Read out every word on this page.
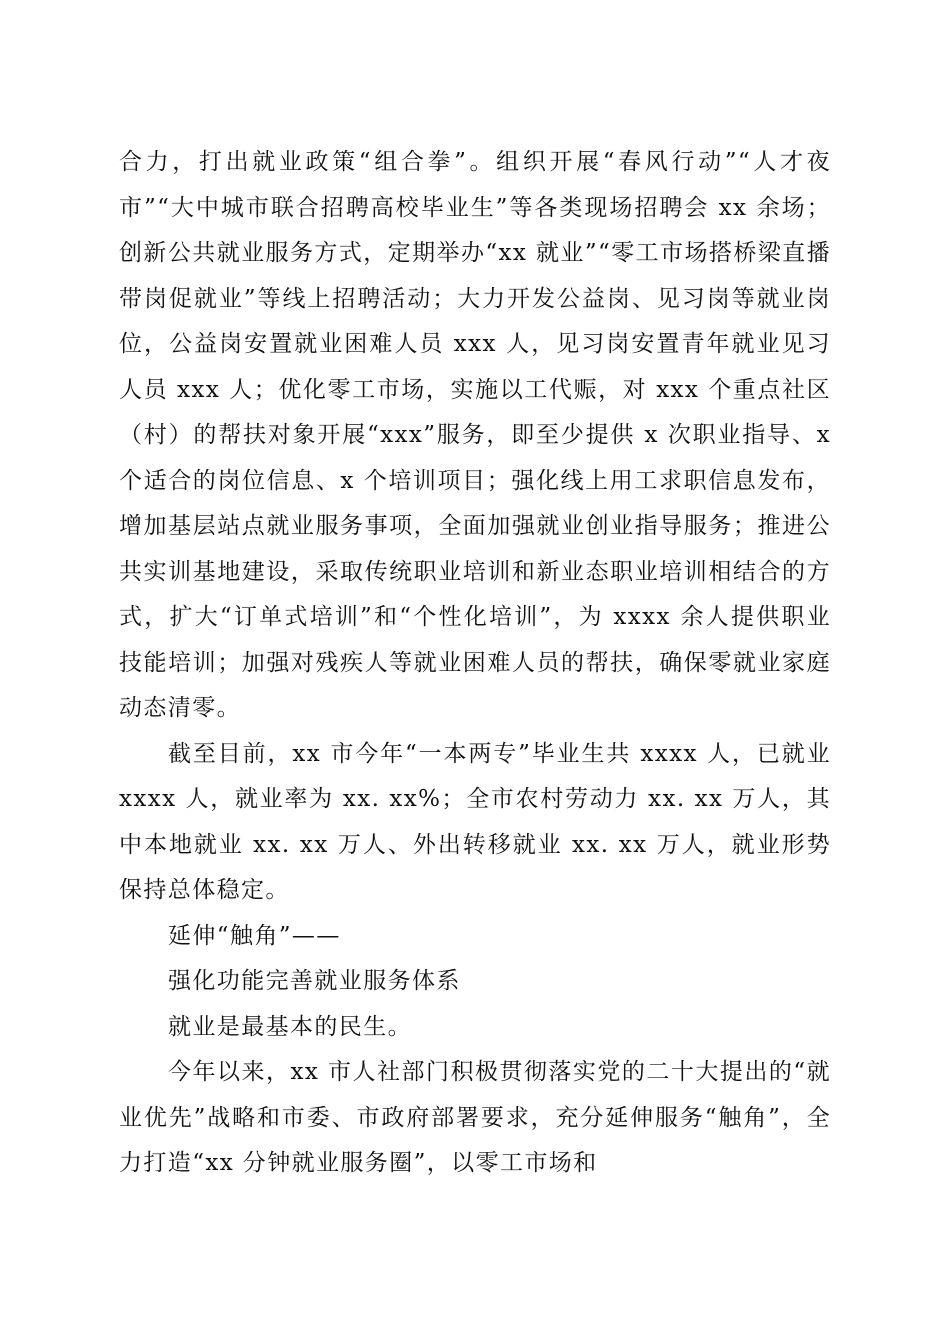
合力，打出就业政策“组合拳”。组织开展“春风行动”“人才夜市”“大中城市联合招聘高校毕业生”等各类现场招聘会 xx 余场；创新公共就业服务方式，定期举办“xx 就业”“零工市场搭桥梁直播带岗促就业”等线上招聘活动；大力开发公益岗、见习岗等就业岗位，公益岗安置就业困难人员 xxx 人，见习岗安置青年就业见习人员 xxx 人；优化零工市场，实施以工代赈，对 xxx 个重点社区（村）的帮扶对象开展“xxx”服务，即至少提供 x 次职业指导、x 个适合的岗位信息、x 个培训项目；强化线上用工求职信息发布，增加基层站点就业服务事项，全面加强就业创业指导服务；推进公共实训基地建设，采取传统职业培训和新业态职业培训相结合的方式，扩大“订单式培训”和“个性化培训”，为 xxxx 余人提供职业技能培训；加强对残疾人等就业困难人员的帮扶，确保零就业家庭动态清零。

截至目前，xx 市今年“一本两专”毕业生共 xxxx 人，已就业 xxxx 人，就业率为 xx. xx%；全市农村劳动力 xx. xx 万人，其中本地就业 xx. xx 万人、外出转移就业 xx. xx 万人，就业形势保持总体稳定。

延伸“触角”——

强化功能完善就业服务体系

就业是最基本的民生。

今年以来，xx 市人社部门积极贯彻落实党的二十大提出的“就业优先”战略和市委、市政府部署要求，充分延伸服务“触角”，全力打造“xx 分钟就业服务圈”，以零工市场和
